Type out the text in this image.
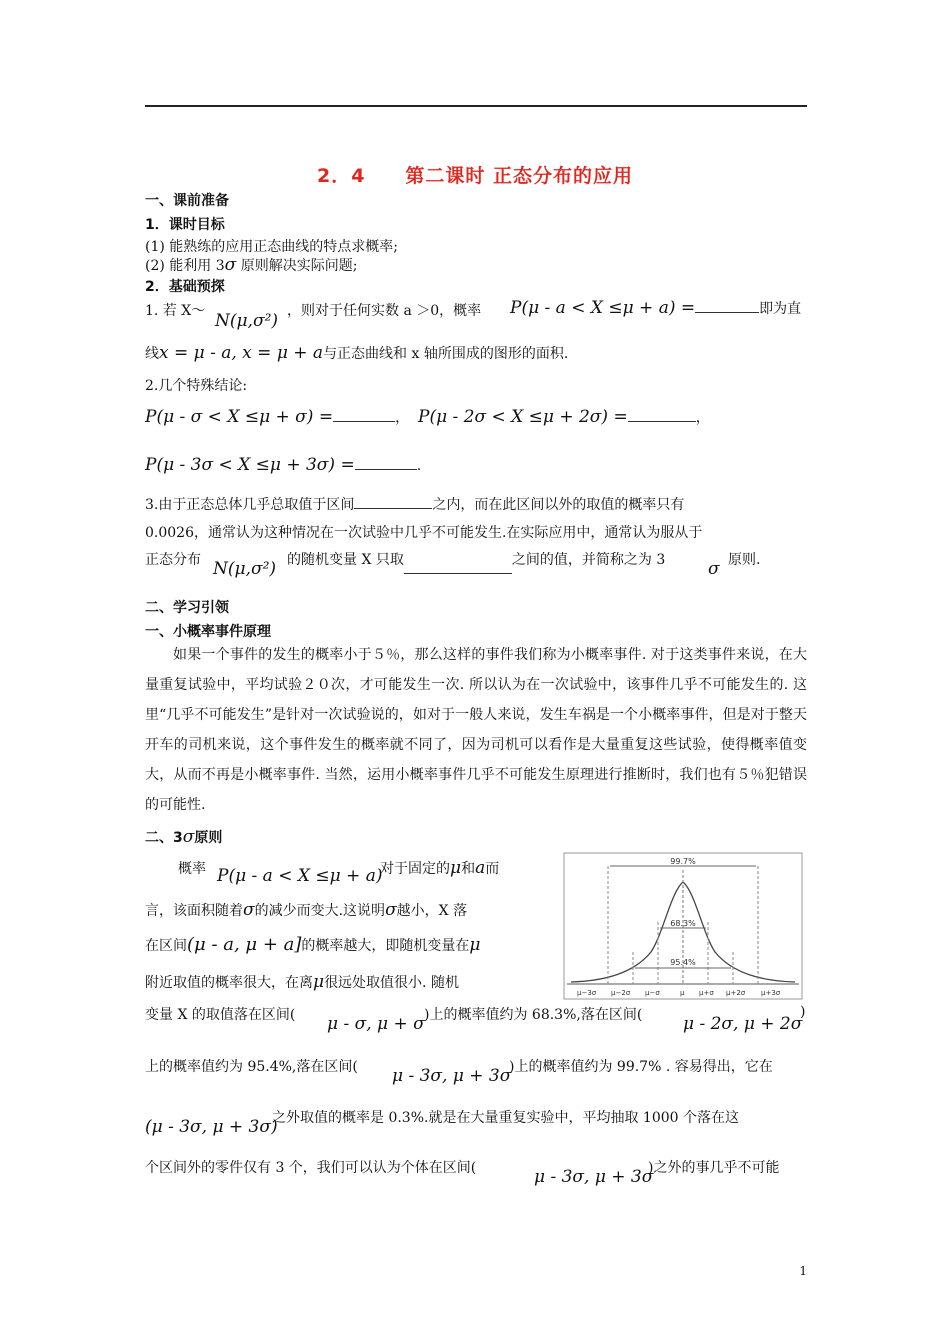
2．4　　第二课时 正态分布的应用
一、课前准备
1．课时目标
(1) 能熟练的应用正态曲线的特点求概率;
(2) 能利用 3σ 原则解决实际问题;
2．基础预探
1. 若 X～ N(μ,σ²) ，则对于任何实数 a ＞0，概率 P(μ - a < X ≤μ + a) =	即为直
线x = μ - a, x = μ + a与正态曲线和 x 轴所围成的图形的面积.
2.几个特殊结论:
P(μ - σ < X ≤μ + σ) =	， P(μ - 2σ < X ≤μ + 2σ) =	，
P(μ - 3σ < X ≤μ + 3σ) =	.
3.由于正态总体几乎总取值于区间	之内，而在此区间以外的取值的概率只有
0.0026，通常认为这种情况在一次试验中几乎不可能发生.在实际应用中，通常认为服从于
正态分布 N(μ,σ²) 的随机变量 X 只取	之间的值，并简称之为 3	σ 原则.
二、学习引领
一、小概率事件原理
如果一个事件的发生的概率小于５％，那么这样的事件我们称为小概率事件. 对于这类事件来说，在大量重复试验中，平均试验２０次，才可能发生一次. 所以认为在一次试验中，该事件几乎不可能发生的. 这里“几乎不可能发生”是针对一次试验说的，如对于一般人来说，发生车祸是一个小概率事件，但是对于整天开车的司机来说，这个事件发生的概率就不同了，因为司机可以看作是大量重复这些试验，使得概率值变大，从而不再是小概率事件. 当然，运用小概率事件几乎不可能发生原理进行推断时，我们也有５％犯错误的可能性.
二、3σ原则
概率 P(μ - a < X ≤μ + a)
对于固定的μ和a而
言，该面积随着σ的减少而变大.这说明σ越小，X 落
在区间(μ - a, μ + a]的概率越大，即随机变量在μ
附近取值的概率很大，在离μ很远处取值很小. 随机
变量 X 的取值落在区间( μ - σ, μ + σ )上的概率值约为 68.3%,落在区间( μ - 2σ, μ + 2σ
)
上的概率值约为 95.4%,落在区间( μ - 3σ, μ + 3σ
)上的概率值约为 99.7% . 容易得出，它在
(μ - 3σ, μ + 3σ)
之外取值的概率是 0.3%.就是在大量重复实验中，平均抽取 1000 个落在这
个区间外的零件仅有 3 个，我们可以认为个体在区间(	μ - 3σ, μ + 3σ
)之外的事几乎不可能
99.7%
68.3%
95.4%
μ−3σ μ−2σ μ−σ	μ μ+σ μ+2σ μ+3σ
1
